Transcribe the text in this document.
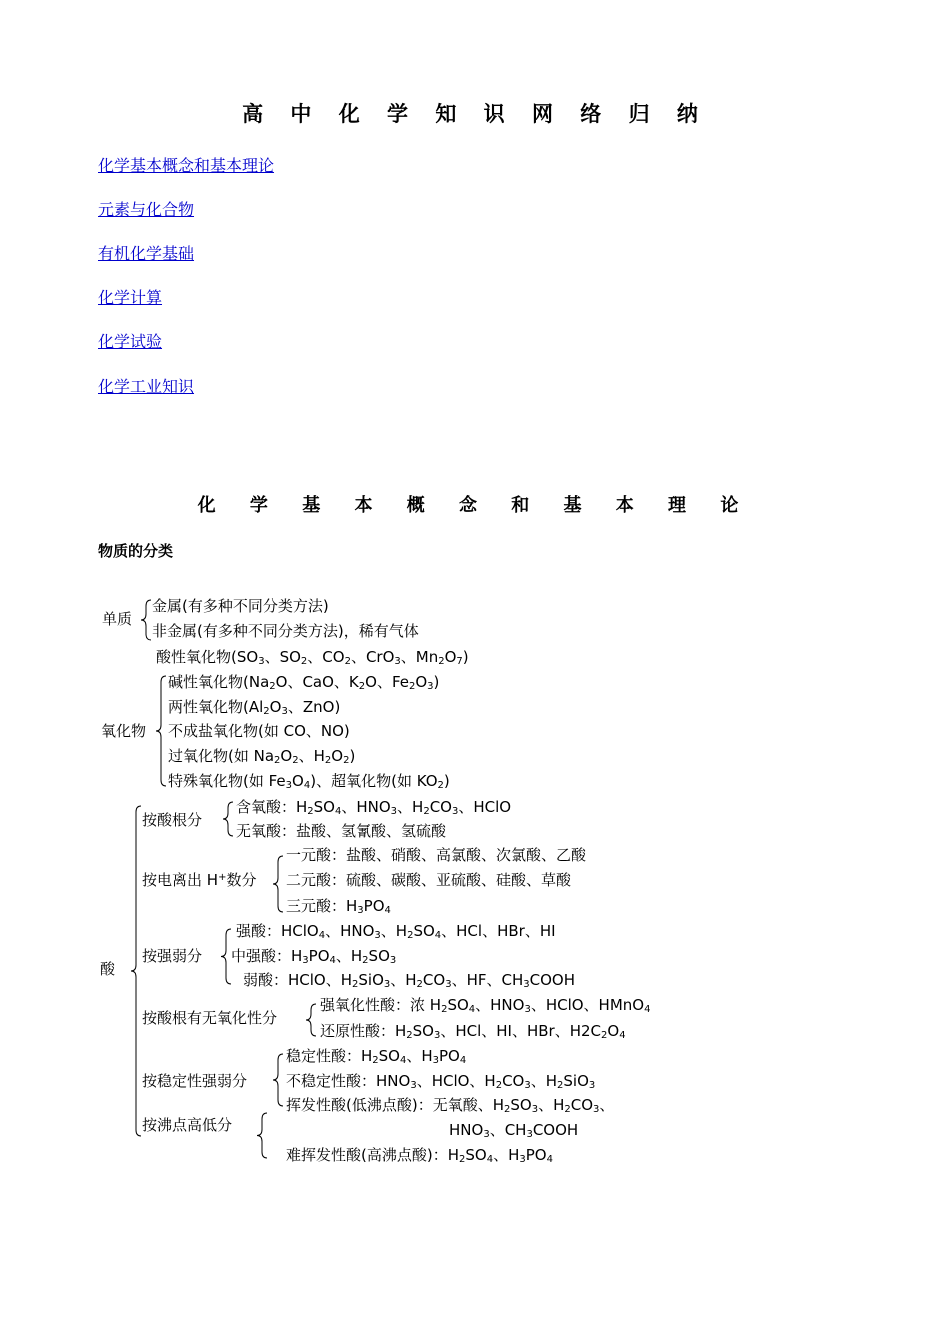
高 中 化 学 知 识 网 络 归 纳
化学基本概念和基本理论
元素与化合物
有机化学基础
化学计算
化学试验
化学工业知识
化 学 基 本 概 念 和 基 本 理 论
物质的分类
单质
金属(有多种不同分类方法)
非金属(有多种不同分类方法)，稀有气体
酸性氧化物($SO_3$、$SO_2$、$CO_2$、CrO$_3$、$Mn_2O_7$)
碱性氧化物($Na_2O$、CaO、$K_2O$、$Fe_2O_3$)
两性氧化物($Al_2O_3$、ZnO)
氧化物 不成盐氧化物(如 CO、NO)
过氧化物(如 $Na_2O_2$、$H_2O_2$)
特殊氧化物(如 $Fe_3O_4$)、超氧化物(如 $KO_2$)
按酸根分
含氧酸：$H_2SO_4$、$HNO_3$、$H_2CO_3$、HClO
无氧酸：盐酸、氢氰酸、氢硫酸
一元酸：盐酸、硝酸、高氯酸、次氯酸、乙酸
按电离出 H+数分 二元酸：硫酸、碳酸、亚硫酸、硅酸、草酸
三元酸：$H_3PO_4$
强酸：HClO$_4$、$HNO_3$、$H_2SO_4$、HCl、HBr、HI
按强弱分 中强酸：$H_3PO_4$、$H_2SO_3$
酸
弱酸：HClO、$H_2SiO_3$、$H_2CO_3$、HF、$CH_3COOH$
强氧化性酸：浓 $H_2SO_4$、$HNO_3$、HClO、HMnO$_4$
按酸根有无氧化性分
还原性酸：$H_2SO_3$、HCl、HI、HBr、$H2C_2O_4$
稳定性酸：$H_2SO_4$、$H_3PO_4$
按稳定性强弱分	不稳定性酸：$HNO_3$、HClO、$H_2CO_3$、$H_2SiO_3$
挥发性酸(低沸点酸)：无氧酸、$H_2SO_3$、$H_2CO_3$、
按沸点高低分	$HNO_3$、$CH_3COOH$
难挥发性酸(高沸点酸)：$H_2SO_4$、$H_3PO_4$
